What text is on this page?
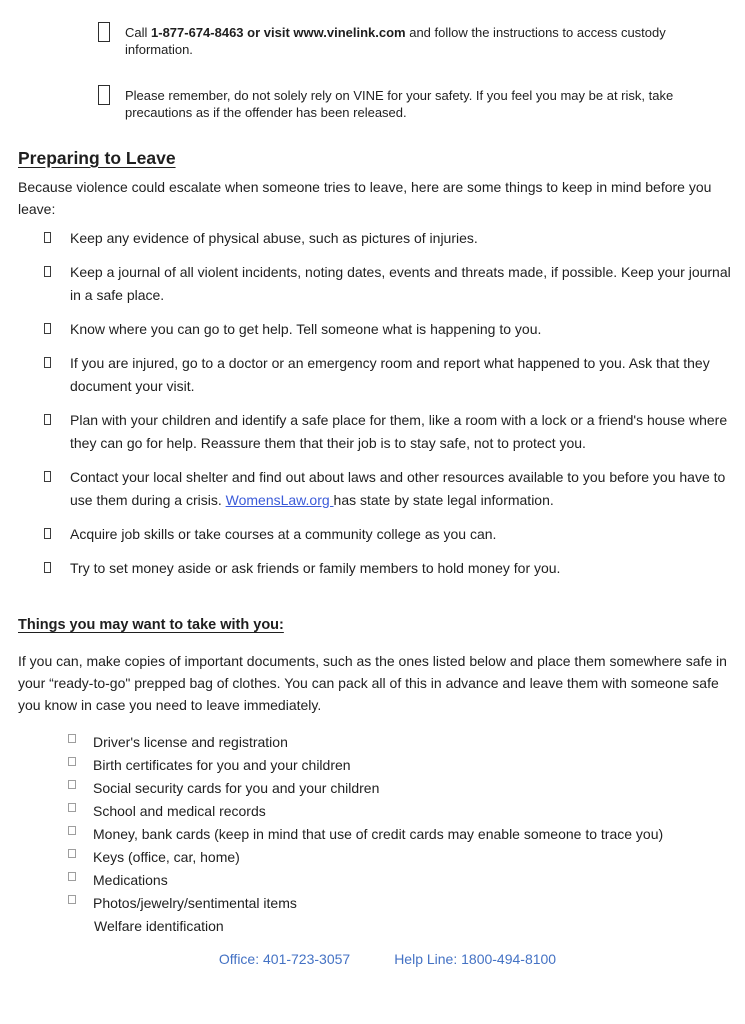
Call 1-877-674-8463 or visit www.vinelink.com and follow the instructions to access custody information.
Please remember, do not solely rely on VINE for your safety. If you feel you may be at risk, take precautions as if the offender has been released.
Preparing to Leave

Because violence could escalate when someone tries to leave, here are some things to keep in mind before you leave:

Keep any evidence of physical abuse, such as pictures of injuries.
Keep a journal of all violent incidents, noting dates, events and threats made, if possible. Keep your journal in a safe place.
Know where you can go to get help. Tell someone what is happening to you.
If you are injured, go to a doctor or an emergency room and report what happened to you. Ask that they document your visit.
Plan with your children and identify a safe place for them, like a room with a lock or a friend's house where they can go for help. Reassure them that their job is to stay safe, not to protect you.
Contact your local shelter and find out about laws and other resources available to you before you have to use them during a crisis. WomensLaw.org has state by state legal information.
Acquire job skills or take courses at a community college as you can.
Try to set money aside or ask friends or family members to hold money for you.
Things you may want to take with you:

If you can, make copies of important documents, such as the ones listed below and place them somewhere safe in your “ready-to-go" prepped bag of clothes. You can pack all of this in advance and leave them with someone safe you know in case you need to leave immediately.

Driver's license and registration
Birth certificates for you and your children
Social security cards for you and your children
School and medical records
Money, bank cards (keep in mind that use of credit cards may enable someone to trace you)
Keys (office, car, home)
Medications
Photos/jewelry/sentimental items
Welfare identification
Office: 401-723-3057	Help Line: 1800-494-8100
